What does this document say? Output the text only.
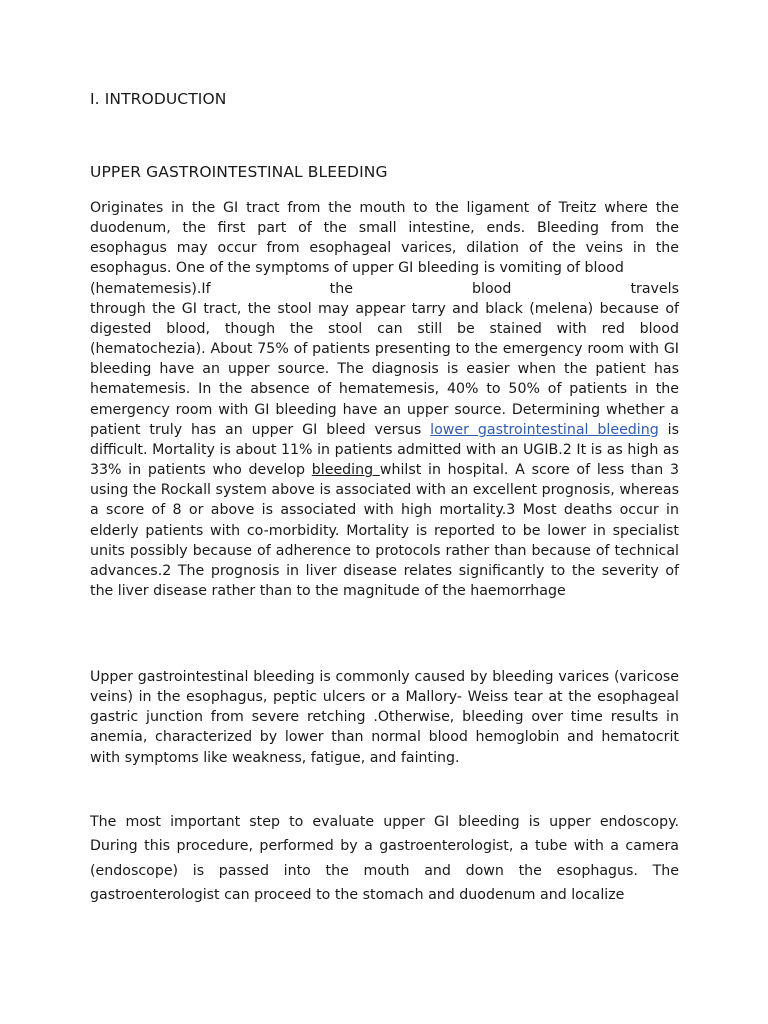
I. INTRODUCTION
UPPER GASTROINTESTINAL BLEEDING

Originates in the GI tract from the mouth to the ligament of Treitz where the duodenum, the first part of the small intestine, ends. Bleeding from the esophagus may occur from esophageal varices, dilation of the veins in the esophagus. One of the symptoms of upper GI bleeding is vomiting of blood
(hematemesis).If the blood travels
through the GI tract, the stool may appear tarry and black (melena) because of digested blood, though the stool can still be stained with red blood (hematochezia). About 75% of patients presenting to the emergency room with GI bleeding have an upper source. The diagnosis is easier when the patient has hematemesis. In the absence of hematemesis, 40% to 50% of patients in the emergency room with GI bleeding have an upper source. Determining whether a patient truly has an upper GI bleed versus lower gastrointestinal bleeding is difficult. Mortality is about 11% in patients admitted with an UGIB.2 It is as high as 33% in patients who develop bleeding whilst in hospital. A score of less than 3 using the Rockall system above is associated with an excellent prognosis, whereas a score of 8 or above is associated with high mortality.3 Most deaths occur in elderly patients with co-morbidity. Mortality is reported to be lower in specialist units possibly because of adherence to protocols rather than because of technical advances.2 The prognosis in liver disease relates significantly to the severity of the liver disease rather than to the magnitude of the haemorrhage

Upper gastrointestinal bleeding is commonly caused by bleeding varices (varicose veins) in the esophagus, peptic ulcers or a Mallory- Weiss tear at the esophageal gastric junction from severe retching .Otherwise, bleeding over time results in anemia, characterized by lower than normal blood hemoglobin and hematocrit with symptoms like weakness, fatigue, and fainting.

The most important step to evaluate upper GI bleeding is upper endoscopy. During this procedure, performed by a gastroenterologist, a tube with a camera (endoscope) is passed into the mouth and down the esophagus. The gastroenterologist can proceed to the stomach and duodenum and localize
